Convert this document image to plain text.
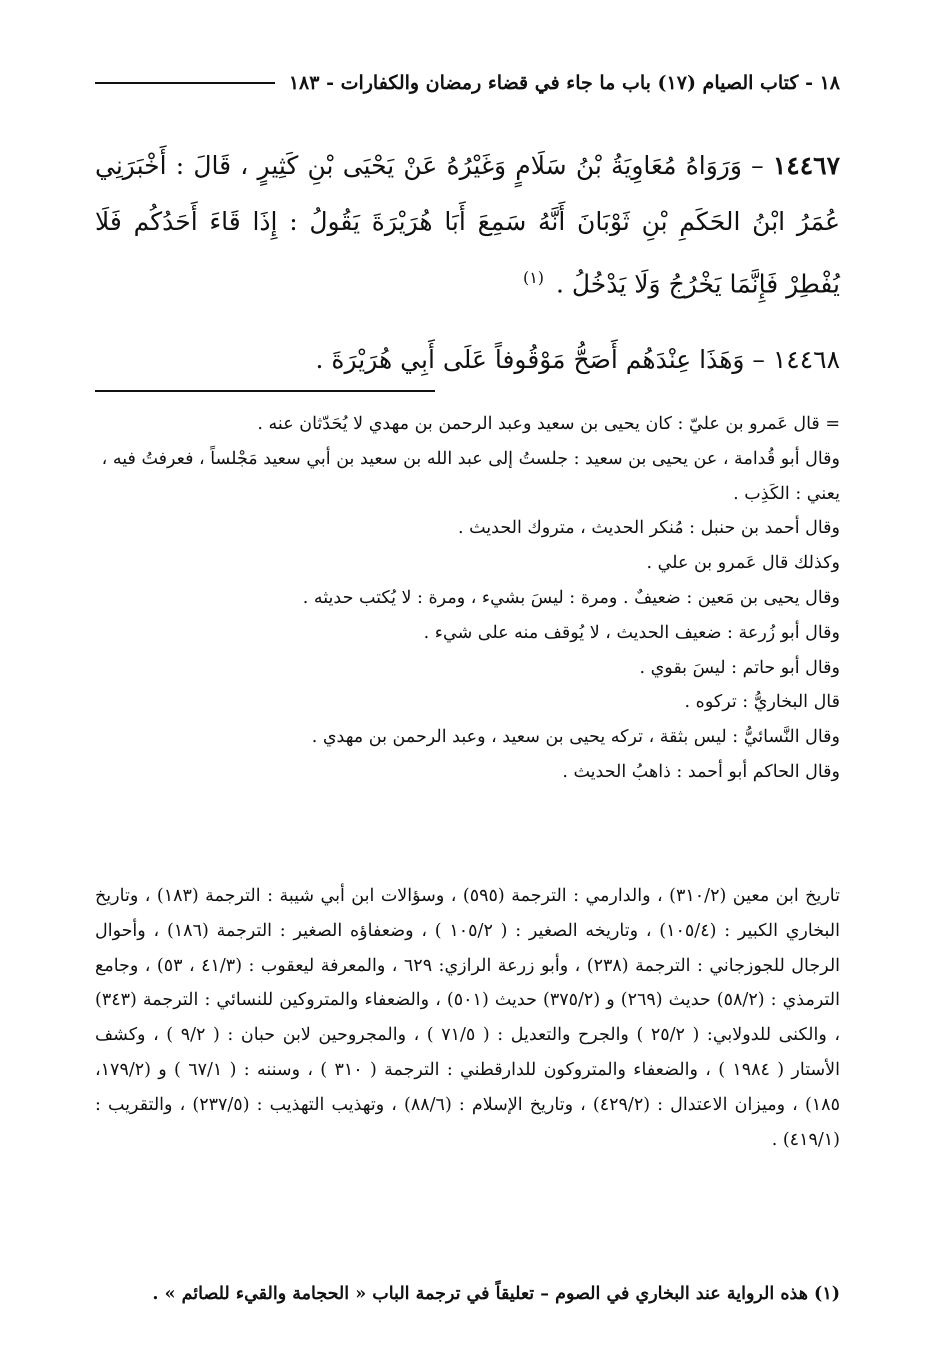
١٨ - كتاب الصيام (١٧) باب ما جاء في قضاء رمضان والكفارات - ١٨٣
١٤٤٦٧ – وَرَوَاهُ مُعَاوِيَةُ بْنُ سَلَامٍ وَغَيْرُهُ عَنْ يَحْيَى بْنِ كَثِيرٍ ، قَالَ : أَخْبَرَنِي عُمَرُ ابْنُ الحَكَمِ بْنِ ثَوْبَانَ أَنَّهُ سَمِعَ أَبَا هُرَيْرَةَ يَقُولُ : إِذَا قَاءَ أَحَدُكُم فَلَا يُفْطِرْ فَإِنَّمَا يَخْرُجُ وَلَا يَدْخُلُ . $^{(١)}$
١٤٤٦٨ – وَهَذَا عِنْدَهُم أَصَحُّ مَوْقُوفاً عَلَى أَبِي هُرَيْرَةَ .

= قال عَمرو بن عليّ : كان يحيى بن سعيد وعبد الرحمن بن مهدي لا يُحَدّثان عنه .

وقال أبو قُدامة ، عن يحيى بن سعيد : جلستُ إلى عبد الله بن سعيد بن أبي سعيد مَجْلساً ، فعرفتُ فيه ، يعني : الكَذِب .

وقال أحمد بن حنبل : مُنكر الحديث ، متروك الحديث .

وكذلك قال عَمرو بن علي .

وقال يحيى بن مَعين : ضعيفٌ . ومرة : ليسَ بشيء ، ومرة : لا يُكتب حديثه .

وقال أبو زُرعة : ضعيف الحديث ، لا يُوقف منه على شيء .

وقال أبو حاتم : ليسَ بقوي .

قال البخاريُّ : تركوه .

وقال النَّسائيُّ : ليس بثقة ، تركه يحيى بن سعيد ، وعبد الرحمن بن مهدي .

وقال الحاكم أبو أحمد : ذاهبُ الحديث .

تاريخ ابن معين (٣١٠/٢) ، والدارمي : الترجمة (٥٩٥) ، وسؤالات ابن أبي شيبة : الترجمة (١٨٣) ، وتاريخ البخاري الكبير : (١٠٥/٤) ، وتاريخه الصغير : ( ١٠٥/٢ ) ، وضعفاؤه الصغير : الترجمة (١٨٦) ، وأحوال الرجال للجوزجاني : الترجمة (٢٣٨) ، وأبو زرعة الرازي: ٦٢٩ ، والمعرفة ليعقوب : (٤١/٣ ، ٥٣) ، وجامع الترمذي : (٥٨/٢) حديث (٢٦٩) و (٣٧٥/٢) حديث (٥٠١) ، والضعفاء والمتروكين للنسائي : الترجمة (٣٤٣) ، والكنى للدولابي: ( ٢٥/٢ ) والجرح والتعديل : ( ٧١/٥ ) ، والمجروحين لابن حبان : ( ٩/٢ ) ، وكشف الأستار ( ١٩٨٤ ) ، والضعفاء والمتروكون للدارقطني : الترجمة ( ٣١٠ ) ، وسننه : ( ٦٧/١ ) و (١٧٩/٢، ١٨٥) ، وميزان الاعتدال : (٤٢٩/٢) ، وتاريخ الإسلام : (٨٨/٦) ، وتهذيب التهذيب : (٢٣٧/٥) ، والتقريب : (٤١٩/١) .
(١) هذه الرواية عند البخاري في الصوم – تعليقاً في ترجمة الباب « الحجامة والقيء للصائم » .
